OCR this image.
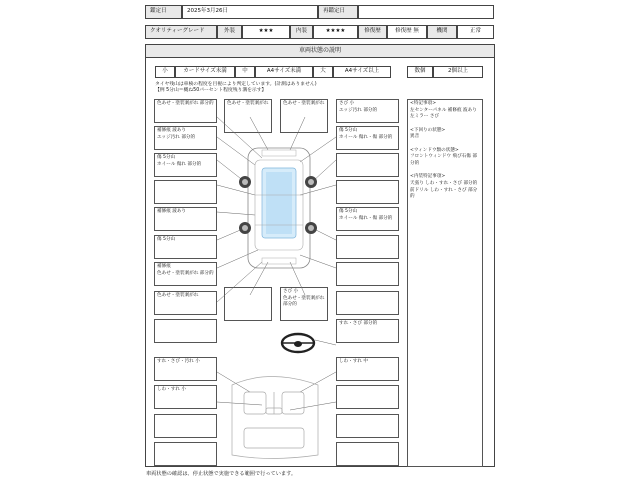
鑑定日	2025年3月26日	再鑑定日
クオリティーグレード	外装	★★★	内装	★★★★	修復歴	修復歴 無	機関	正常
車両状態の説明
小	カードサイズ未満	中	A4サイズ未満	大	A4サイズ以上	数個	2個以上
タイヤ残山は車検の程度を目視により判定しています。(計測はありません)
【例 5分山＝概ね50パーセント程度残り溝を示す】
<特記事項>
左センターパネル 補修痕 波あり
左ミラー さび

<下回りの状態>
異音

<ウィンドウ類の状態>
フロントウィンドウ 飛び石傷 部分的

<内装特記事項>
天張り しわ・すれ・さび 部分的
前ドリル しわ・すれ・さび 部分的
色あせ・塗装剥がれ 部分的
補修痕 波あり
エッジ汚れ 部分的
傷 5分山
ホイール 傷れ 部分的
補修痕 波あり
傷 5分山
補修痕
色あせ・塗装剥がれ 部分的
色あせ・塗装剥がれ
すれ・さび・汚れ 小
しわ・すれ 小
さび 小
エッジ汚れ 部分的
傷 5分山
ホイール 傷れ・傷 部分的
傷 5分山
ホイール 傷れ・傷 部分的
すれ・さび 部分的
しわ・すれ 中
色あせ・塗装剥がれ	色あせ・塗装剥がれ
さび 小
色あせ・塗装剥がれ 部分的
車両状態の確認は、停止状態で実施できる範囲で行っています。
